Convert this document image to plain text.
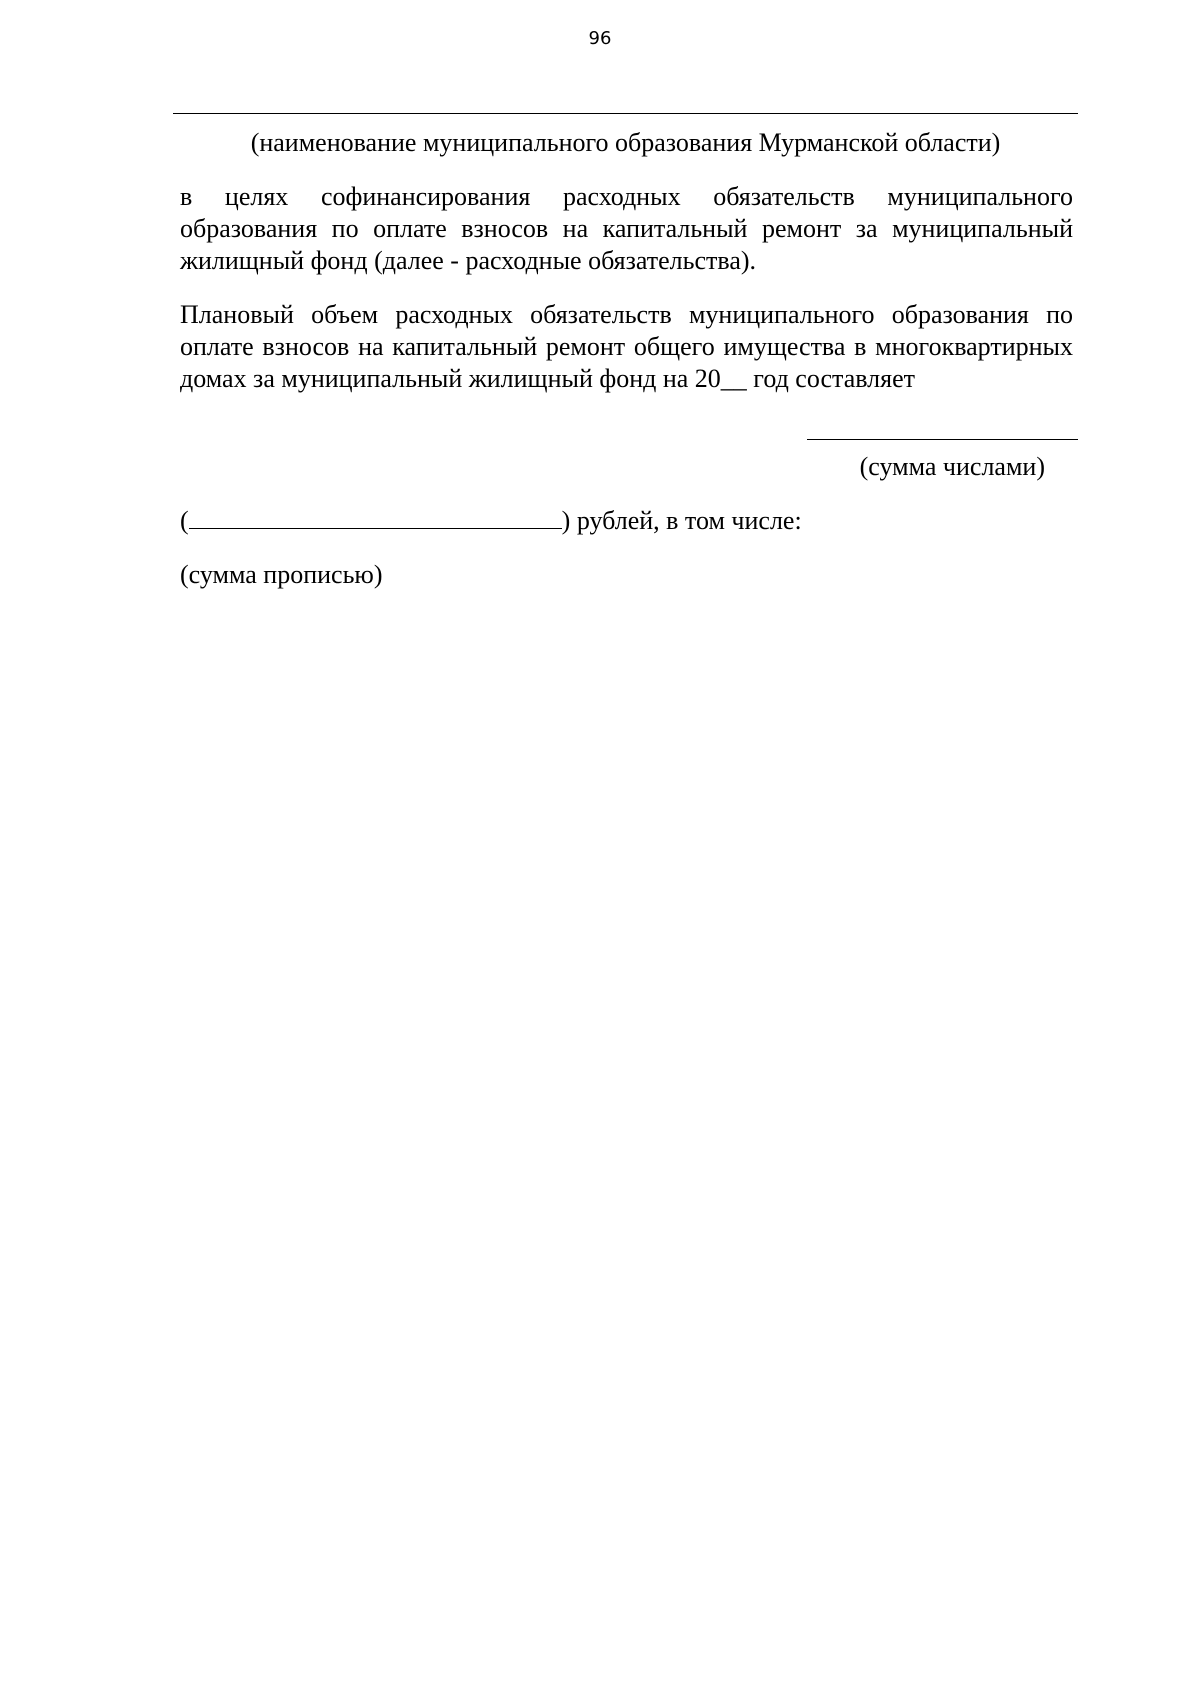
96
(наименование муниципального образования Мурманской области)

в целях софинансирования расходных обязательств муниципального образования по оплате взносов на капитальный ремонт за муниципальный жилищный фонд (далее - расходные обязательства).

Плановый объем расходных обязательств муниципального образования по оплате взносов на капитальный ремонт общего имущества в многоквартирных домах за муниципальный жилищный фонд на 20__ год составляет

(сумма числами)
(	) рублей, в том числе:
(сумма прописью)
